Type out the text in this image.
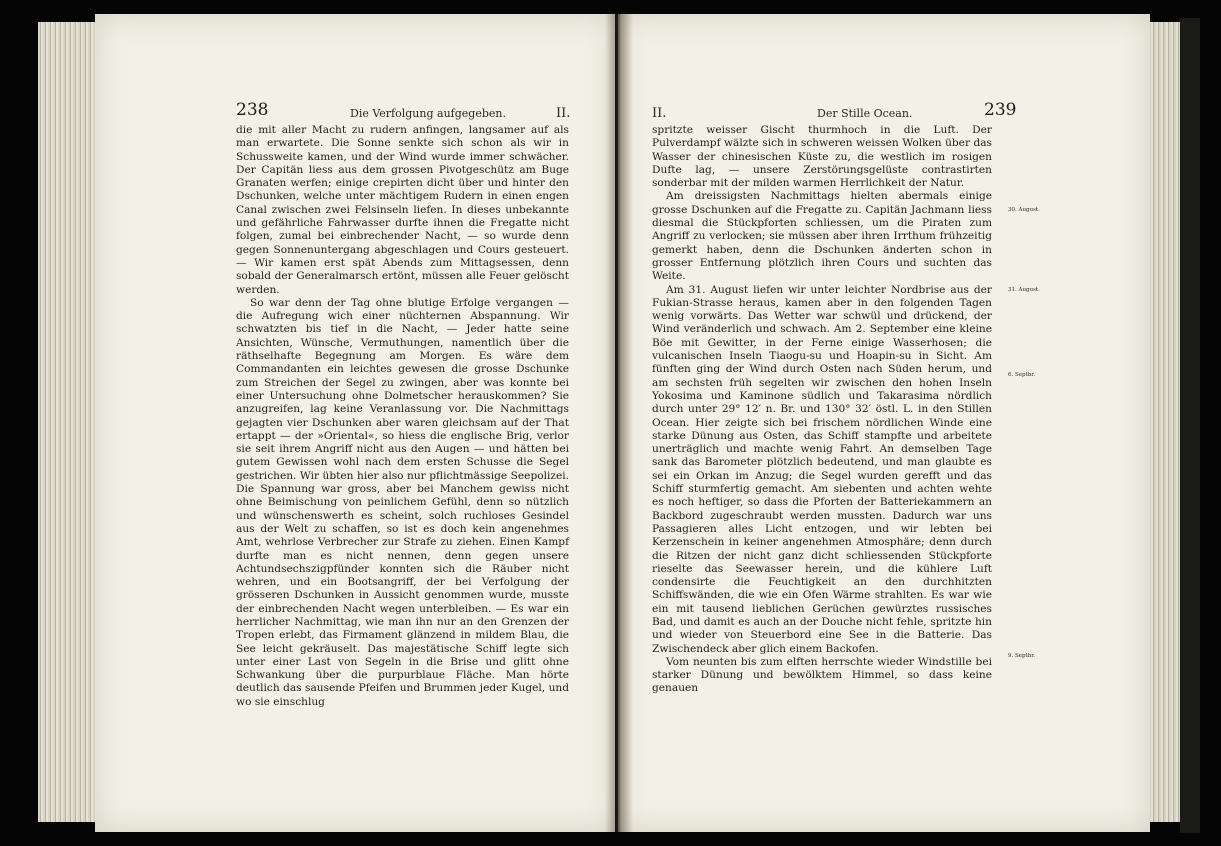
238	Die Verfolgung aufgegeben.	II.

die mit aller Macht zu rudern anfingen, langsamer auf als man erwartete. Die Sonne senkte sich schon als wir in Schussweite kamen, und der Wind wurde immer schwächer. Der Capitän liess aus dem grossen Pivotgeschütz am Buge Granaten werfen; einige crepirten dicht über und hinter den Dschunken, welche unter mächtigem Rudern in einen engen Canal zwischen zwei Felsinseln liefen. In dieses unbekannte und gefährliche Fahrwasser durfte ihnen die Fregatte nicht folgen, zumal bei einbrechender Nacht, — so wurde denn gegen Sonnenuntergang abgeschlagen und Cours gesteuert. — Wir kamen erst spät Abends zum Mittagsessen, denn sobald der Generalmarsch ertönt, müssen alle Feuer gelöscht werden.

So war denn der Tag ohne blutige Erfolge vergangen — die Aufregung wich einer nüchternen Abspannung. Wir schwatzten bis tief in die Nacht, — Jeder hatte seine Ansichten, Wünsche, Vermuthungen, namentlich über die räthselhafte Begegnung am Morgen. Es wäre dem Commandanten ein leichtes gewesen die grosse Dschunke zum Streichen der Segel zu zwingen, aber was konnte bei einer Untersuchung ohne Dolmetscher herauskommen? Sie anzugreifen, lag keine Veranlassung vor. Die Nachmittags gejagten vier Dschunken aber waren gleichsam auf der That ertappt — der »Oriental«, so hiess die englische Brig, verlor sie seit ihrem Angriff nicht aus den Augen — und hätten bei gutem Gewissen wohl nach dem ersten Schusse die Segel gestrichen. Wir übten hier also nur pflichtmässige Seepolizei. Die Spannung war gross, aber bei Manchem gewiss nicht ohne Beimischung von peinlichem Gefühl, denn so nützlich und wünschenswerth es scheint, solch ruchloses Gesindel aus der Welt zu schaffen, so ist es doch kein angenehmes Amt, wehrlose Verbrecher zur Strafe zu ziehen. Einen Kampf durfte man es nicht nennen, denn gegen unsere Achtundsechszigpfünder konnten sich die Räuber nicht wehren, und ein Bootsangriff, der bei Verfolgung der grösseren Dschunken in Aussicht genommen wurde, musste der einbrechenden Nacht wegen unterbleiben. — Es war ein herrlicher Nachmittag, wie man ihn nur an den Grenzen der Tropen erlebt, das Firmament glänzend in mildem Blau, die See leicht gekräuselt. Das majestätische Schiff legte sich unter einer Last von Segeln in die Brise und glitt ohne Schwankung über die purpurblaue Fläche. Man hörte deutlich das sausende Pfeifen und Brummen jeder Kugel, und wo sie einschlug

II.	Der Stille Ocean.	239

spritzte weisser Gischt thurmhoch in die Luft. Der Pulverdampf wälzte sich in schweren weissen Wolken über das Wasser der chinesischen Küste zu, die westlich im rosigen Dufte lag, — unsere Zerstörungsgelüste contrastirten sonderbar mit der milden warmen Herrlichkeit der Natur.

Am dreissigsten Nachmittags hielten abermals einige grosse Dschunken auf die Fregatte zu. Capitän Jachmann liess diesmal die Stückpforten schliessen, um die Piraten zum Angriff zu verlocken; sie müssen aber ihren Irrthum frühzeitig gemerkt haben, denn die Dschunken änderten schon in grosser Entfernung plötzlich ihren Cours und suchten das Weite.

Am 31. August liefen wir unter leichter Nordbrise aus der Fukian-Strasse heraus, kamen aber in den folgenden Tagen wenig vorwärts. Das Wetter war schwül und drückend, der Wind veränderlich und schwach. Am 2. September eine kleine Böe mit Gewitter, in der Ferne einige Wasserhosen; die vulcanischen Inseln Tiaogu-su und Hoapin-su in Sicht. Am fünften ging der Wind durch Osten nach Süden herum, und am sechsten früh segelten wir zwischen den hohen Inseln Yokosima und Kaminone südlich und Takarasima nördlich durch unter 29° 12′ n. Br. und 130° 32′ östl. L. in den Stillen Ocean. Hier zeigte sich bei frischem nördlichen Winde eine starke Dünung aus Osten, das Schiff stampfte und arbeitete unerträglich und machte wenig Fahrt. An demselben Tage sank das Barometer plötzlich bedeutend, und man glaubte es sei ein Orkan im Anzug; die Segel wurden gerefft und das Schiff sturmfertig gemacht. Am siebenten und achten wehte es noch heftiger, so dass die Pforten der Batteriekammern an Backbord zugeschraubt werden mussten. Dadurch war uns Passagieren alles Licht entzogen, und wir lebten bei Kerzenschein in keiner angenehmen Atmosphäre; denn durch die Ritzen der nicht ganz dicht schliessenden Stückpforte rieselte das Seewasser herein, und die kühlere Luft condensirte die Feuchtigkeit an den durchhitzten Schiffswänden, die wie ein Ofen Wärme strahlten. Es war wie ein mit tausend lieblichen Gerüchen gewürztes russisches Bad, und damit es auch an der Douche nicht fehle, spritzte hin und wieder von Steuerbord eine See in die Batterie. Das Zwischendeck aber glich einem Backofen.

Vom neunten bis zum elften herrschte wieder Windstille bei starker Dünung und bewölktem Himmel, so dass keine genauen

30. August.
31. August.
6. Septbr.
9. Septbr.
